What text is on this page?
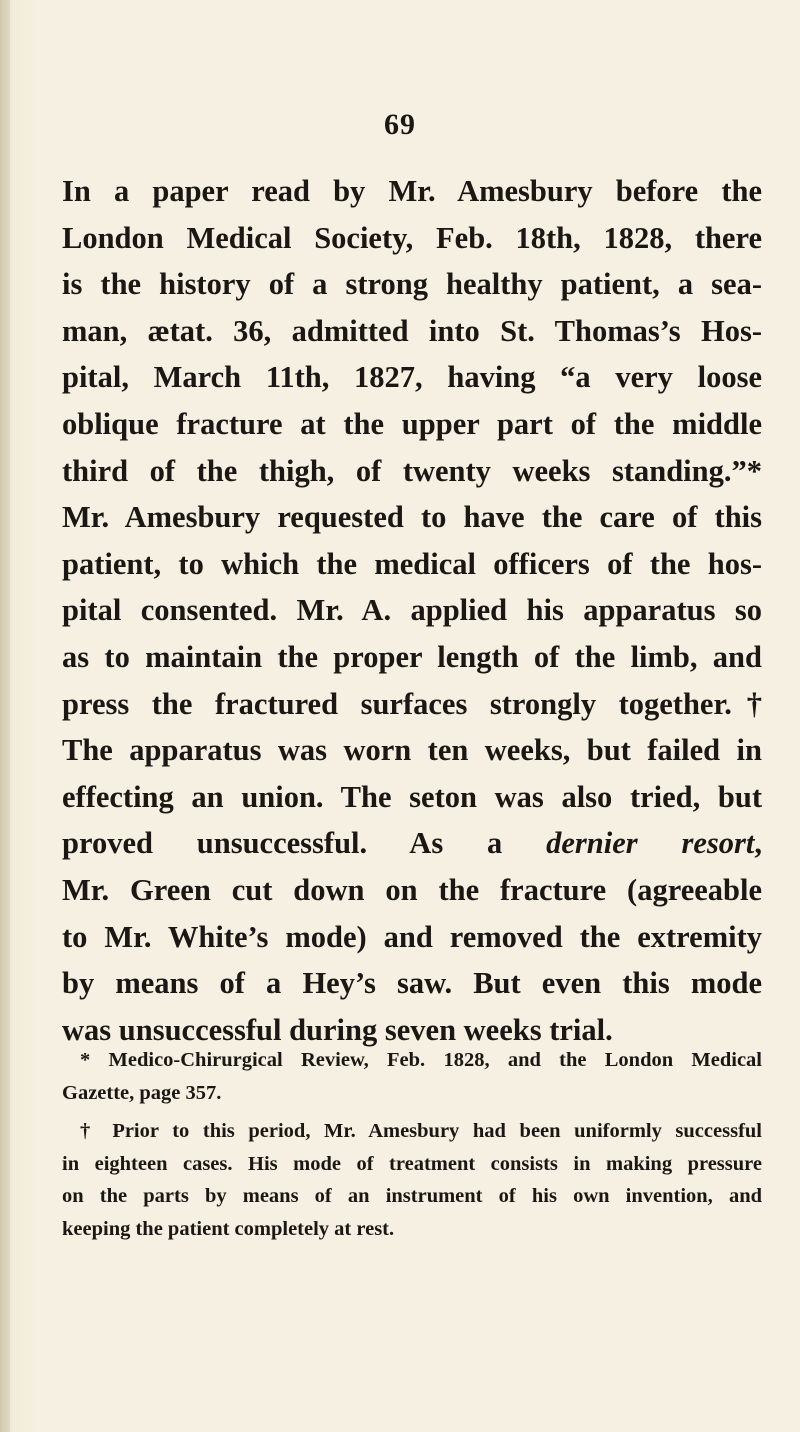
69
In a paper read by Mr. Amesbury before the
London Medical Society, Feb. 18th, 1828, there
is the history of a strong healthy patient, a sea-
man, ætat. 36, admitted into St. Thomas’s Hos-
pital, March 11th, 1827, having “a very loose
oblique fracture at the upper part of the middle
third of the thigh, of twenty weeks standing.”*
Mr. Amesbury requested to have the care of this
patient, to which the medical officers of the hos-
pital consented. Mr. A. applied his apparatus so
as to maintain the proper length of the limb, and
press the fractured surfaces strongly together.†
The apparatus was worn ten weeks, but failed in
effecting an union. The seton was also tried, but
proved unsuccessful. As a dernier resort,
Mr. Green cut down on the fracture (agreeable
to Mr. White’s mode) and removed the extremity
by means of a Hey’s saw. But even this mode
was unsuccessful during seven weeks trial.
* Medico-Chirurgical Review, Feb. 1828, and the London Medical
Gazette, page 357.
† Prior to this period, Mr. Amesbury had been uniformly successful
in eighteen cases. His mode of treatment consists in making pressure
on the parts by means of an instrument of his own invention, and
keeping the patient completely at rest.
